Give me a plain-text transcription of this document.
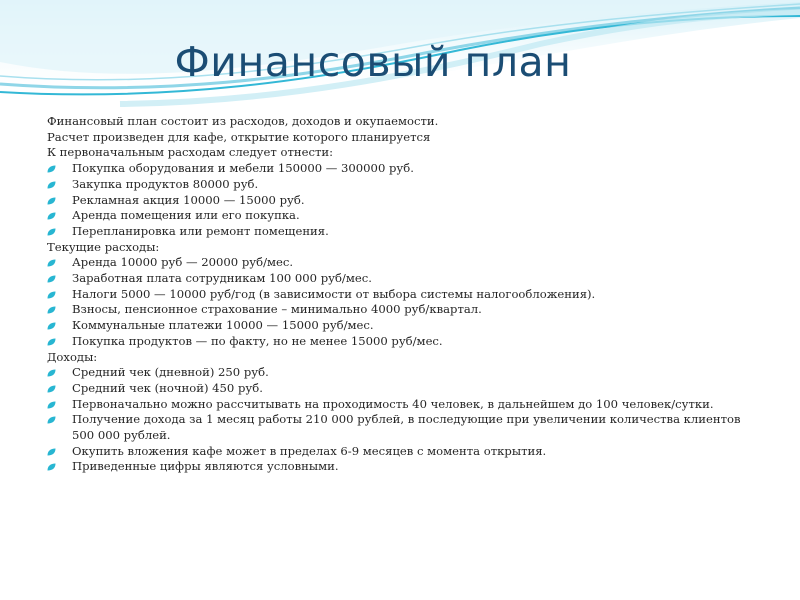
Финансовый план
Финансовый план состоит из расходов, доходов и окупаемости.
Расчет произведен для кафе, открытие которого планируется
К первоначальным расходам следует отнести:
Покупка оборудования и мебели 150000 — 300000 руб.
Закупка продуктов 80000 руб.
Рекламная акция 10000 — 15000 руб.
Аренда помещения или его покупка.
Перепланировка или ремонт помещения.
Текущие расходы:
Аренда 10000 руб — 20000 руб/мес.
Заработная плата сотрудникам 100 000 руб/мес.
Налоги 5000 — 10000 руб/год (в зависимости от выбора системы налогообложения).
Взносы, пенсионное страхование – минимально 4000 руб/квартал.
Коммунальные платежи 10000 — 15000 руб/мес.
Покупка продуктов — по факту, но не менее 15000 руб/мес.
Доходы:
Средний чек (дневной) 250 руб.
Средний чек (ночной) 450 руб.
Первоначально можно рассчитывать на проходимость 40 человек, в дальнейшем до 100 человек/сутки.
Получение дохода за 1 месяц работы 210 000 рублей, в последующие при увеличении количества клиентов 500 000 рублей.
Окупить вложения кафе может в пределах 6-9 месяцев с момента открытия.
Приведенные цифры являются условными.
